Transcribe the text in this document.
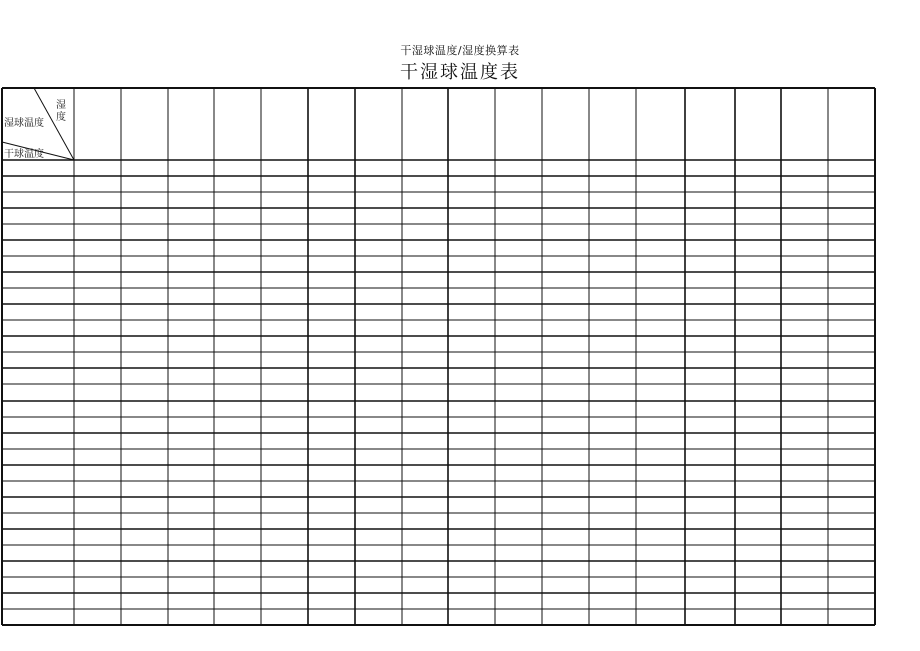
干湿球温度/湿度换算表
干湿球温度表
湿度
湿球温度
干球温度
